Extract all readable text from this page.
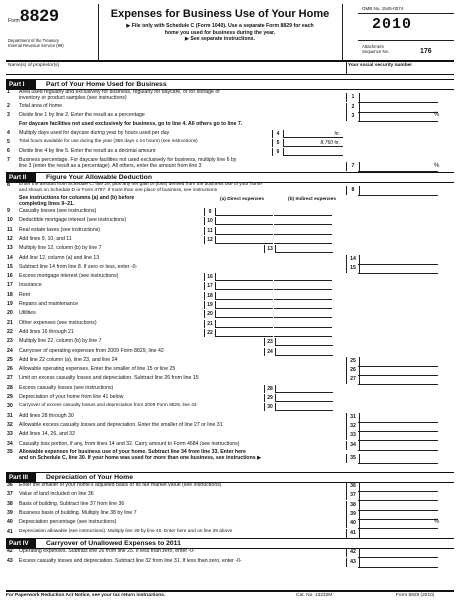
Form 8829
Department of the Treasury
Internal Revenue Service (99)
Expenses for Business Use of Your Home
▶ File only with Schedule C (Form 1040). Use a separate Form 8829 for each
home you used for business during the year.
▶ See separate instructions.
OMB No. 1545-0074
2010
Attachment
Sequence No.	176
Name(s) of proprietor(s)	Your social security number
Part I	Part of Your Home Used for Business
1 Area used regularly and exclusively for business, regularly for daycare, or for storage of
inventory or product samples (see instructions)	1
2 Total area of home	2
3 Divide line 1 by line 2. Enter the result as a percentage	3	%
For daycare facilities not used exclusively for business, go to line 4. All others go to line 7.
4 Multiply days used for daycare during year by hours used per day	4	hr.
5 Total hours available for use during the year (365 days x 24 hours) (see instructions)	5	8,760 hr.
6 Divide line 4 by line 5. Enter the result as a decimal amount	6
7 Business percentage. For daycare facilities not used exclusively for business, multiply line 6 by
line 3 (enter the result as a percentage). All others, enter the amount from line 3	7	%
Part II	Figure Your Allowable Deduction
8 Enter the amount from Schedule C, line 29, plus any net gain or (loss) derived from the business use of your home
and shown on Schedule D or Form 4797. If more than one place of business, see instructions	8
See instructions for columns (a) and (b) before
completing lines 9–21.
(a) Direct expenses	(b) Indirect expenses
9 Casualty losses (see instructions)	9
10 Deductible mortgage interest (see instructions)	10
11 Real estate taxes (see instructions)	11
12 Add lines 9, 10, and 11	12
13 Multiply line 12, column (b) by line 7	13
14 Add line 12, column (a) and line 13	14
15 Subtract line 14 from line 8. If zero or less, enter -0-	15
16 Excess mortgage interest (see instructions)	16
17 Insurance	17
18 Rent	18
19 Repairs and maintenance	19
20 Utilities	20
21 Other expenses (see instructions)	21
22 Add lines 16 through 21	22
23 Multiply line 22, column (b) by line 7	23
24 Carryover of operating expenses from 2009 Form 8829, line 42	24
25 Add line 22 column (a), line 23, and line 24	25
26 Allowable operating expenses. Enter the smaller of line 15 or line 25	26
27 Limit on excess casualty losses and depreciation. Subtract line 26 from line 15	27
28 Excess casualty losses (see instructions)	28
29 Depreciation of your home from line 41 below	29
30 Carryover of excess casualty losses and depreciation from 2009 Form 8829, line 43	30
31 Add lines 28 through 30	31
32 Allowable excess casualty losses and depreciation. Enter the smaller of line 27 or line 31	32
33 Add lines 14, 26, and 32	33
34 Casualty loss portion, if any, from lines 14 and 32. Carry amount to Form 4684 (see instructions)	34
35 Allowable expenses for business use of your home. Subtract line 34 from line 33. Enter here
and on Schedule C, line 30. If your home was used for more than one business, see instructions ▶	35
Part III	Depreciation of Your Home
36 Enter the smaller of your home's adjusted basis or its fair market value (see instructions)	36
37 Value of land included on line 36	37
38 Basis of building. Subtract line 37 from line 36	38
39 Business basis of building. Multiply line 38 by line 7	39
40 Depreciation percentage (see instructions)	40	%
41 Depreciation allowable (see instructions). Multiply line 39 by line 40. Enter here and on line 29 above	41
Part IV	Carryover of Unallowed Expenses to 2011
42 Operating expenses. Subtract line 26 from line 25. If less than zero, enter -0-	42
43 Excess casualty losses and depreciation. Subtract line 32 from line 31. If less than zero, enter -0-	43
For Paperwork Reduction Act Notice, see your tax return instructions.	Cat. No. 13232M	Form 8829 (2010)
